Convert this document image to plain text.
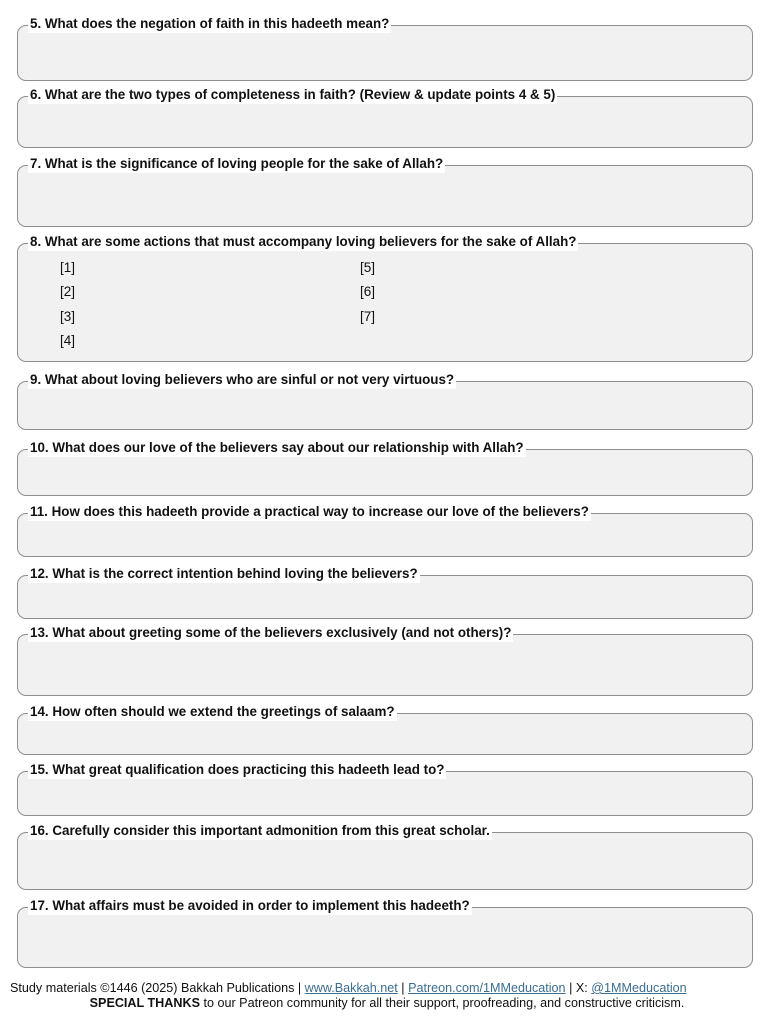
5. What does the negation of faith in this hadeeth mean?
6. What are the two types of completeness in faith? (Review & update points 4 & 5)
7. What is the significance of loving people for the sake of Allah?
8. What are some actions that must accompany loving believers for the sake of Allah?
[1]
[2]
[3]
[4]
[5]
[6]
[7]
9. What about loving believers who are sinful or not very virtuous?
10. What does our love of the believers say about our relationship with Allah?
11. How does this hadeeth provide a practical way to increase our love of the believers?
12. What is the correct intention behind loving the believers?
13. What about greeting some of the believers exclusively (and not others)?
14. How often should we extend the greetings of salaam?
15. What great qualification does practicing this hadeeth lead to?
16. Carefully consider this important admonition from this great scholar.
17. What affairs must be avoided in order to implement this hadeeth?
Study materials ©1446 (2025) Bakkah Publications | www.Bakkah.net | Patreon.com/1MMeducation | X: @1MMeducation
SPECIAL THANKS to our Patreon community for all their support, proofreading, and constructive criticism.
